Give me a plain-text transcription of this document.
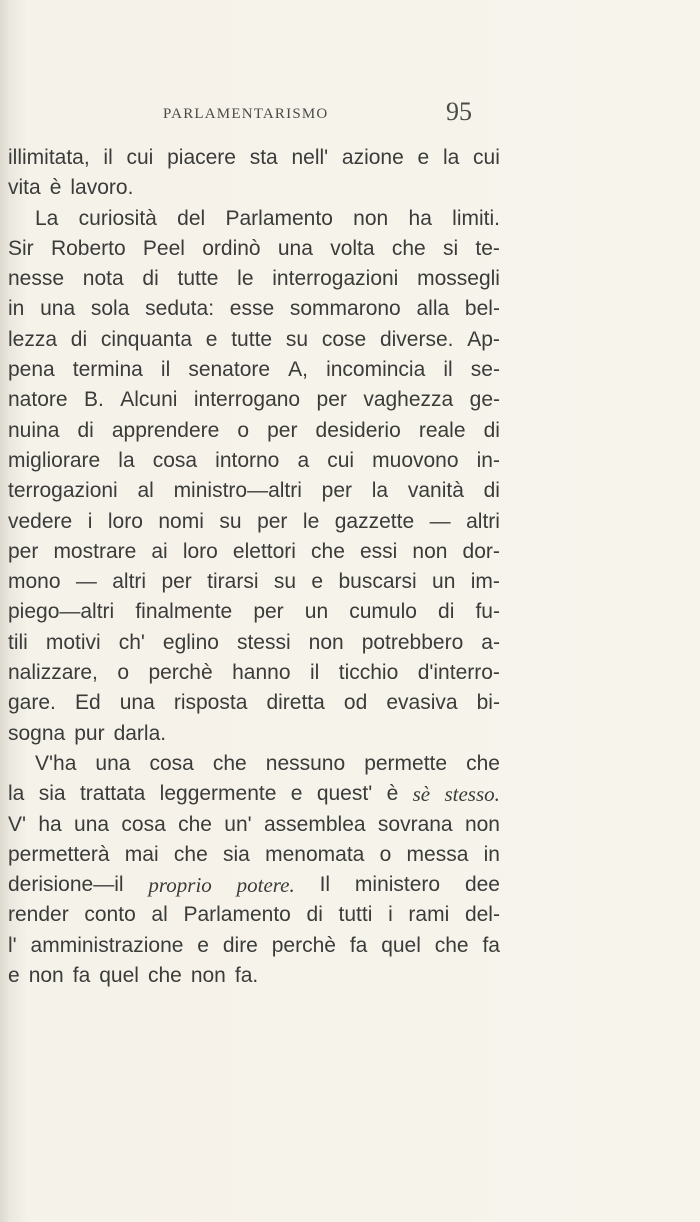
PARLAMENTARISMO	95
illimitata, il cui piacere sta nell' azione e la cui
vita è lavoro.
La curiosità del Parlamento non ha limiti.
Sir Roberto Peel ordinò una volta che si te-
nesse nota di tutte le interrogazioni mossegli
in una sola seduta: esse sommarono alla bel-
lezza di cinquanta e tutte su cose diverse. Ap-
pena termina il senatore A, incomincia il se-
natore B. Alcuni interrogano per vaghezza ge-
nuina di apprendere o per desiderio reale di
migliorare la cosa intorno a cui muovono in-
terrogazioni al ministro—altri per la vanità di
vedere i loro nomi su per le gazzette — altri
per mostrare ai loro elettori che essi non dor-
mono — altri per tirarsi su e buscarsi un im-
piego—altri finalmente per un cumulo di fu-
tili motivi ch' eglino stessi non potrebbero a-
nalizzare, o perchè hanno il ticchio d'interro-
gare. Ed una risposta diretta od evasiva bi-
sogna pur darla.
V'ha una cosa che nessuno permette che
la sia trattata leggermente e quest' è sè stesso.
V' ha una cosa che un' assemblea sovrana non
permetterà mai che sia menomata o messa in
derisione—il proprio potere. Il ministero dee
render conto al Parlamento di tutti i rami del-
l' amministrazione e dire perchè fa quel che fa
e non fa quel che non fa.
